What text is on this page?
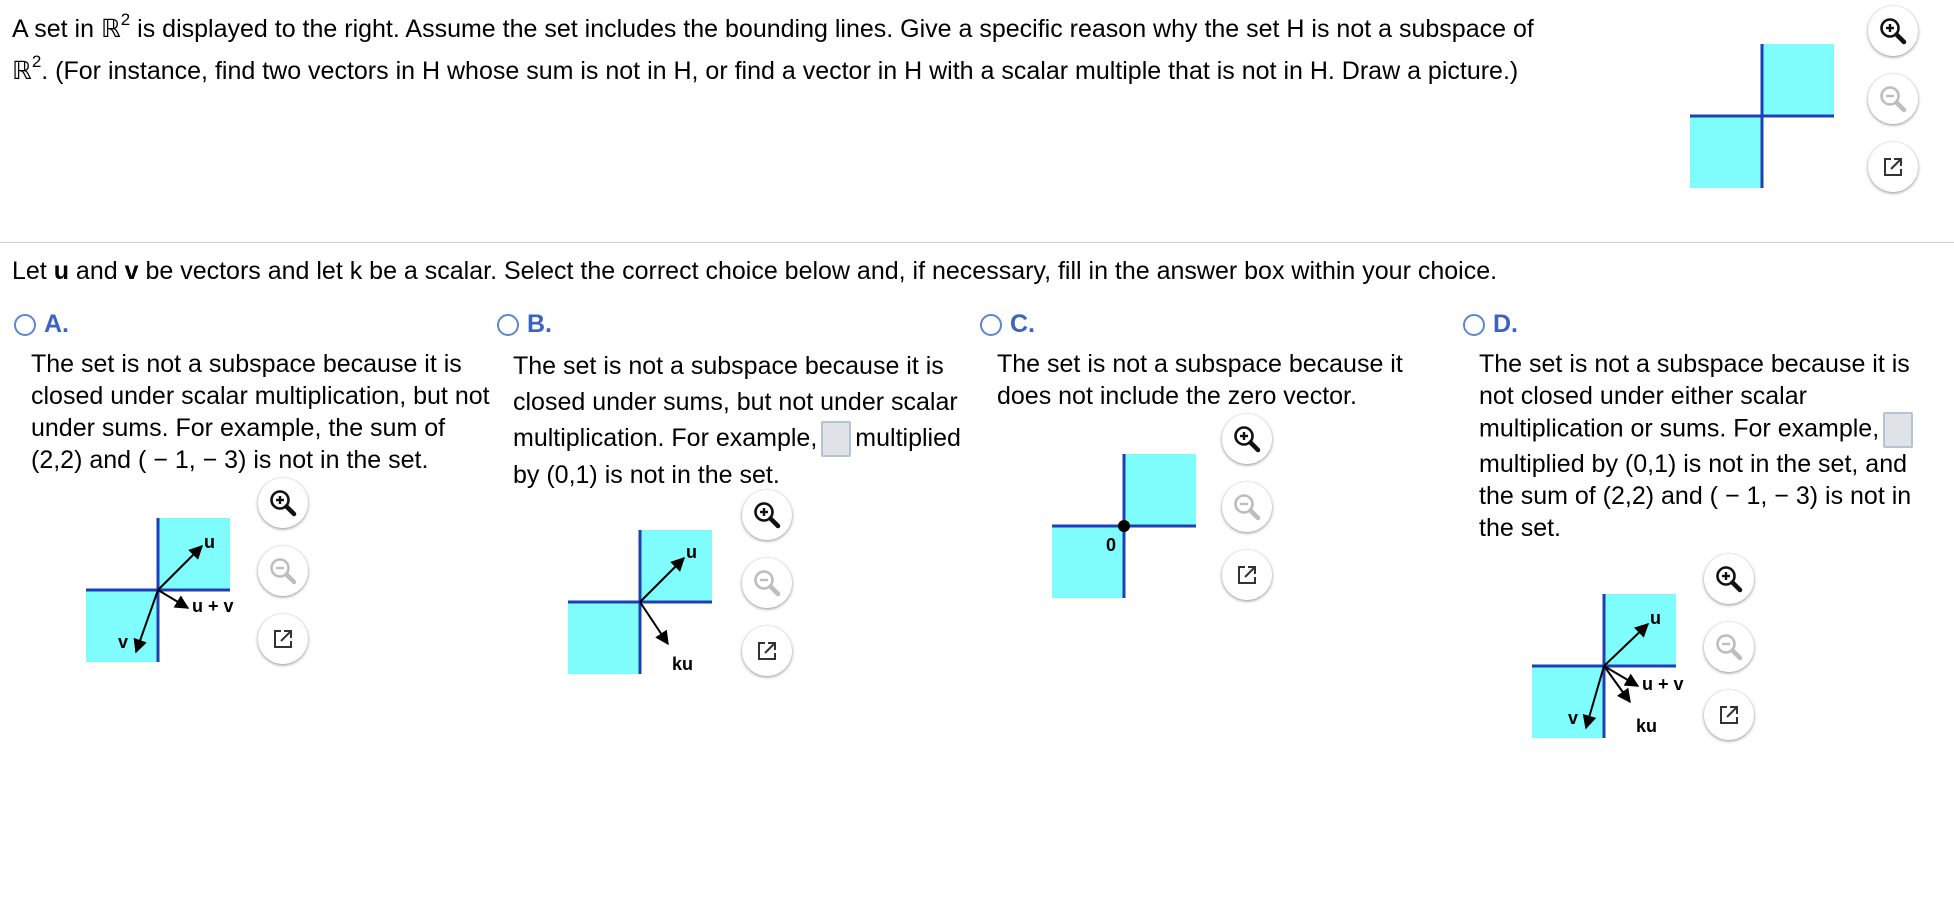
A set in ℝ$^2$ is displayed to the right. Assume the set includes the bounding lines. Give a specific reason why the set H is not a subspace of
ℝ$^2$. (For instance, find two vectors in H whose sum is not in H, or find a vector in H with a scalar multiple that is not in H. Draw a picture.)
Let u and v be vectors and let k be a scalar. Select the correct choice below and, if necessary, fill in the answer box within your choice.
A.
The set is not a subspace because it is closed under scalar multiplication, but not under sums. For example, the sum of (2,2) and ( − 1, − 3) is not in the set.
u
u + v
v
B.
The set is not a subspace because it is closed under sums, but not under scalar multiplication. For example, multiplied by (0,1) is not in the set.
u
ku
C.
The set is not a subspace because it does not include the zero vector.
0
D.
The set is not a subspace because it is not closed under either scalar multiplication or sums. For example,multiplied by (0,1) is not in the set, and the sum of (2,2) and ( − 1, − 3) is not in the set.
u
u + v
v	ku
